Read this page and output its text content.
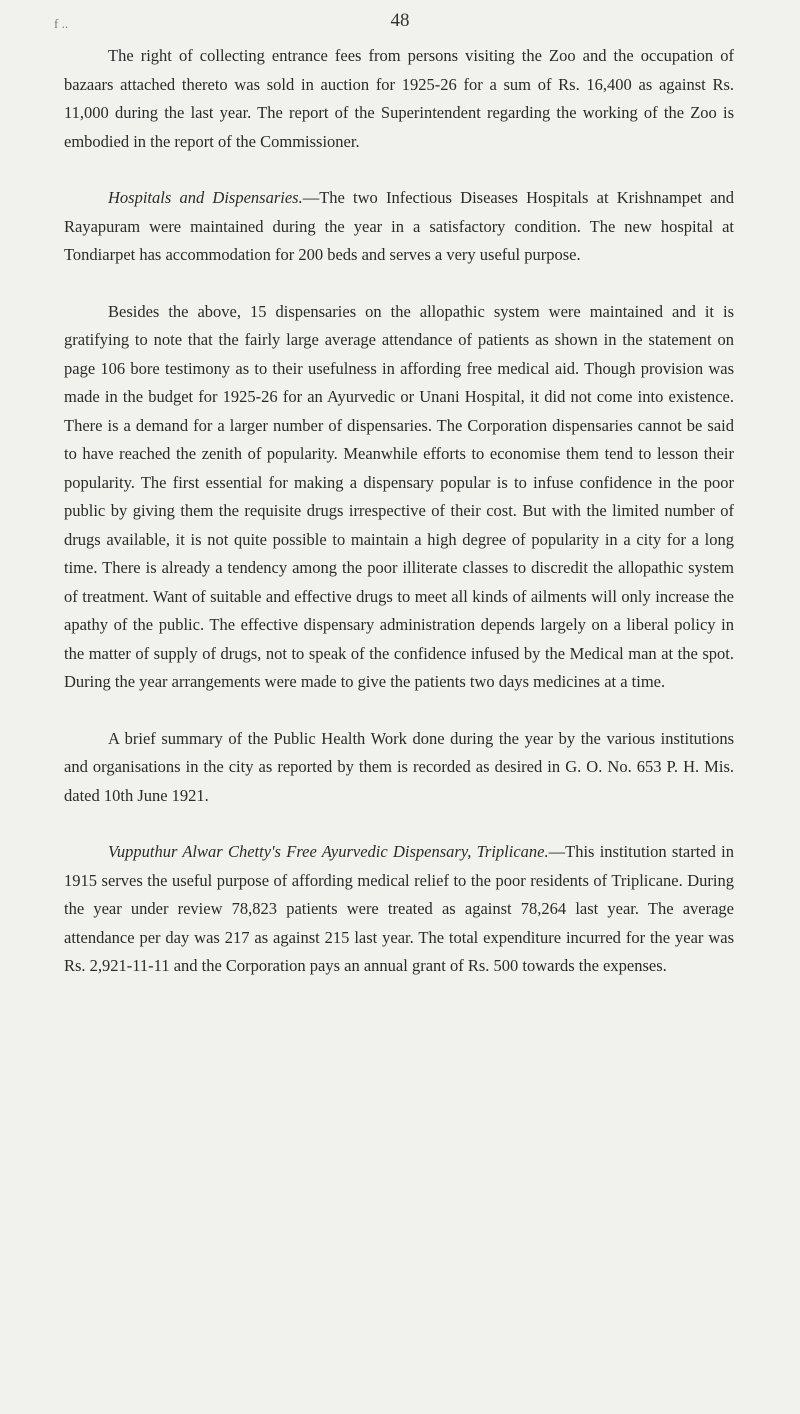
f ..	48

The right of collecting entrance fees from persons visiting the Zoo and the occupation of bazaars attached thereto was sold in auction for 1925-26 for a sum of Rs. 16,400 as against Rs. 11,000 during the last year. The report of the Superintendent regarding the working of the Zoo is embodied in the report of the Commissioner.

Hospitals and Dispensaries.—The two Infectious Diseases Hospitals at Krishnampet and Rayapuram were maintained during the year in a satisfactory condition. The new hospital at Tondiarpet has accommodation for 200 beds and serves a very useful purpose.

Besides the above, 15 dispensaries on the allopathic system were maintained and it is gratifying to note that the fairly large average attendance of patients as shown in the statement on page 106 bore testimony as to their usefulness in affording free medical aid. Though provision was made in the budget for 1925-26 for an Ayurvedic or Unani Hospital, it did not come into existence. There is a demand for a larger number of dispensaries. The Corporation dispensaries cannot be said to have reached the zenith of popularity. Meanwhile efforts to economise them tend to lesson their popularity. The first essential for making a dispensary popular is to infuse confidence in the poor public by giving them the requisite drugs irrespective of their cost. But with the limited number of drugs available, it is not quite possible to maintain a high degree of popularity in a city for a long time. There is already a tendency among the poor illiterate classes to discredit the allopathic system of treatment. Want of suitable and effective drugs to meet all kinds of ailments will only increase the apathy of the public. The effective dispensary administration depends largely on a liberal policy in the matter of supply of drugs, not to speak of the confidence infused by the Medical man at the spot. During the year arrangements were made to give the patients two days medicines at a time.

A brief summary of the Public Health Work done during the year by the various institutions and organisations in the city as reported by them is recorded as desired in G. O. No. 653 P. H. Mis. dated 10th June 1921.

Vupputhur Alwar Chetty's Free Ayurvedic Dispensary, Triplicane.—This institution started in 1915 serves the useful purpose of affording medical relief to the poor residents of Triplicane. During the year under review 78,823 patients were treated as against 78,264 last year. The average attendance per day was 217 as against 215 last year. The total expenditure incurred for the year was Rs. 2,921-11-11 and the Corporation pays an annual grant of Rs. 500 towards the expenses.
